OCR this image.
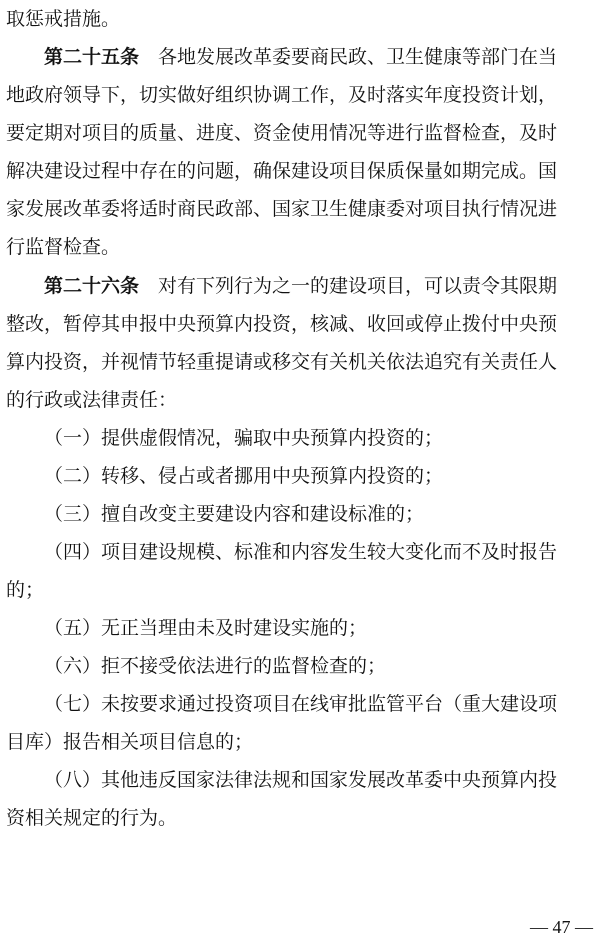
取惩戒措施。
第二十五条 各地发展改革委要商民政、卫生健康等部门在当
地政府领导下，切实做好组织协调工作，及时落实年度投资计划，
要定期对项目的质量、进度、资金使用情况等进行监督检查，及时
解决建设过程中存在的问题，确保建设项目保质保量如期完成。国
家发展改革委将适时商民政部、国家卫生健康委对项目执行情况进
行监督检查。
第二十六条 对有下列行为之一的建设项目，可以责令其限期
整改，暂停其申报中央预算内投资，核减、收回或停止拨付中央预
算内投资，并视情节轻重提请或移交有关机关依法追究有关责任人
的行政或法律责任：
（一）提供虚假情况，骗取中央预算内投资的；
（二）转移、侵占或者挪用中央预算内投资的；
（三）擅自改变主要建设内容和建设标准的；
（四）项目建设规模、标准和内容发生较大变化而不及时报告
的；
（五）无正当理由未及时建设实施的；
（六）拒不接受依法进行的监督检查的；
（七）未按要求通过投资项目在线审批监管平台（重大建设项
目库）报告相关项目信息的；
（八）其他违反国家法律法规和国家发展改革委中央预算内投
资相关规定的行为。
— 47 —
